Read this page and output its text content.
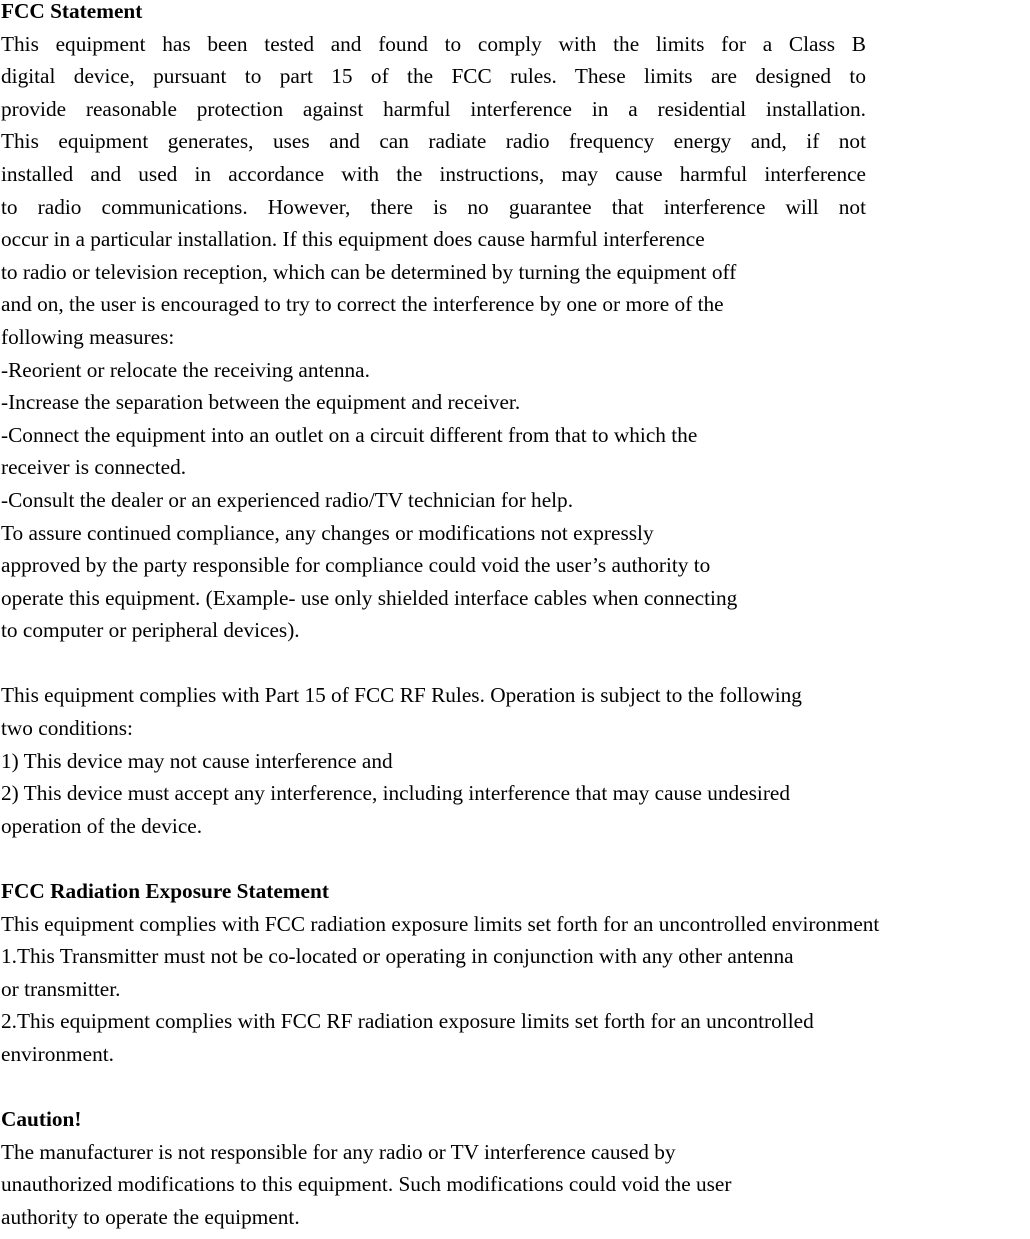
FCC Statement
This equipment has been tested and found to comply with the limits for a Class B
digital device, pursuant to part 15 of the FCC rules. These limits are designed to
provide reasonable protection against harmful interference in a residential installation.
This equipment generates, uses and can radiate radio frequency energy and, if not
installed and used in accordance with the instructions, may cause harmful interference
to radio communications. However, there is no guarantee that interference will not
occur in a particular installation. If this equipment does cause harmful interference
to radio or television reception, which can be determined by turning the equipment off
and on, the user is encouraged to try to correct the interference by one or more of the
following measures:
-Reorient or relocate the receiving antenna.
-Increase the separation between the equipment and receiver.
-Connect the equipment into an outlet on a circuit different from that to which the
receiver is connected.
-Consult the dealer or an experienced radio/TV technician for help.
To assure continued compliance, any changes or modifications not expressly
approved by the party responsible for compliance could void the user’s authority to
operate this equipment. (Example- use only shielded interface cables when connecting
to computer or peripheral devices).
This equipment complies with Part 15 of FCC RF Rules. Operation is subject to the following
two conditions:
1) This device may not cause interference and
2) This device must accept any interference, including interference that may cause undesired
operation of the device.
FCC Radiation Exposure Statement
This equipment complies with FCC radiation exposure limits set forth for an uncontrolled environment
1.This Transmitter must not be co-located or operating in conjunction with any other antenna
or transmitter.
2.This equipment complies with FCC RF radiation exposure limits set forth for an uncontrolled
environment.
Caution!
The manufacturer is not responsible for any radio or TV interference caused by
unauthorized modifications to this equipment. Such modifications could void the user
authority to operate the equipment.
